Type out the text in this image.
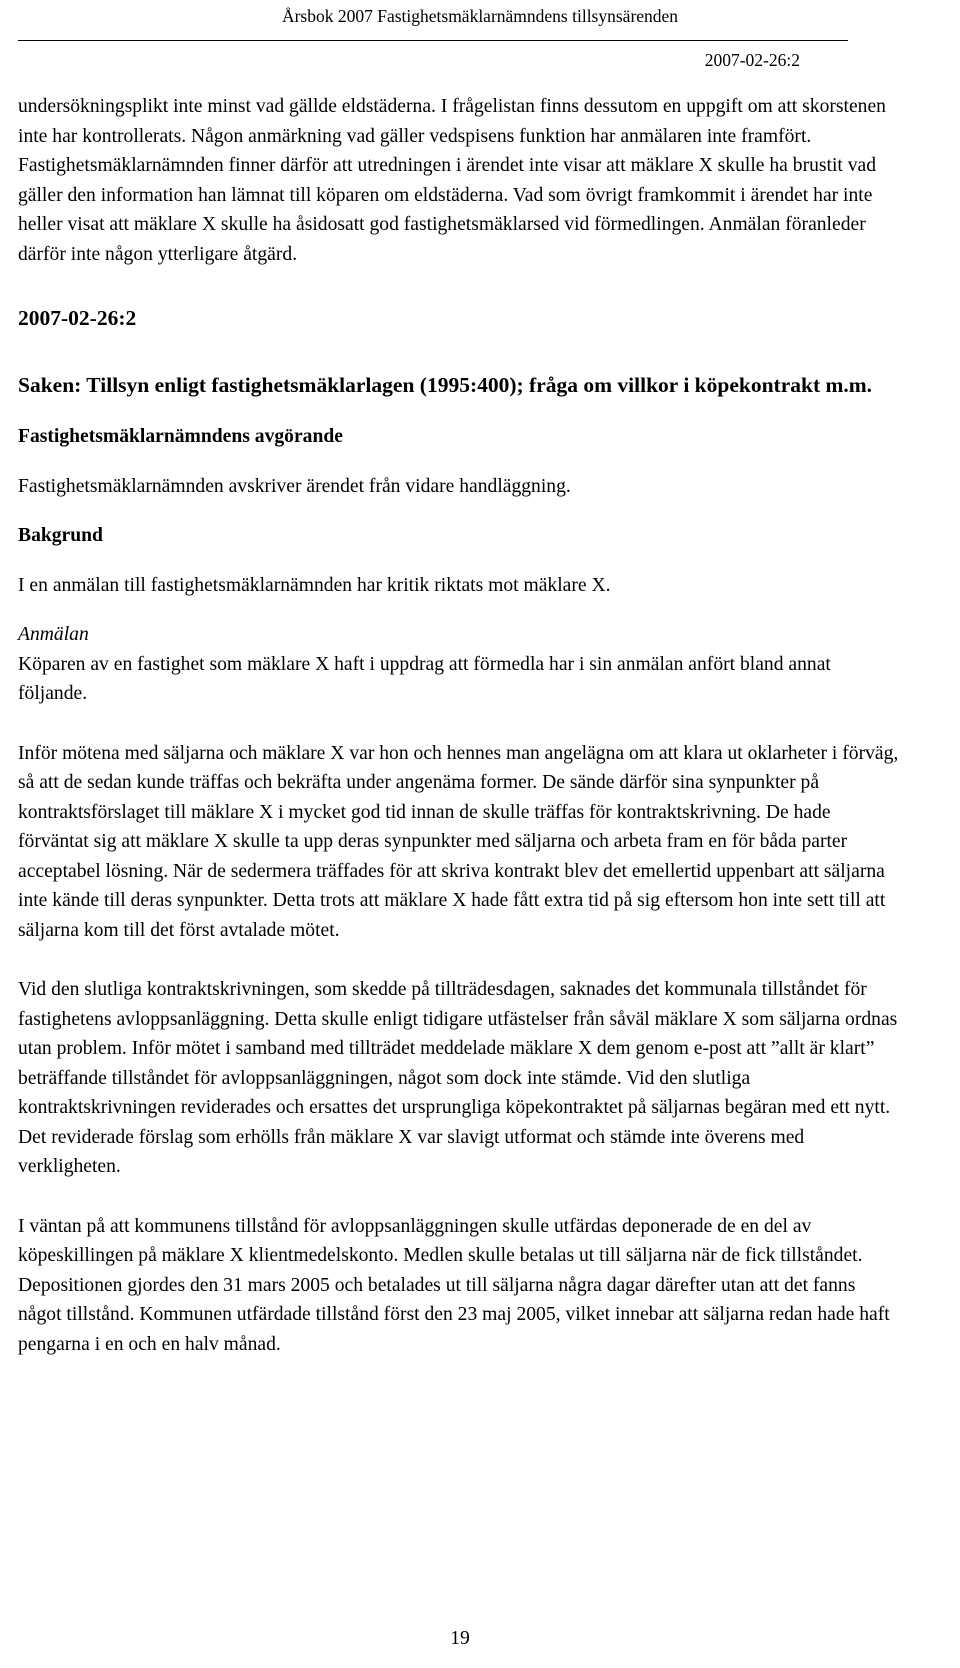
Årsbok 2007 Fastighetsmäklarnämndens tillsynsärenden
2007-02-26:2

undersökningsplikt inte minst vad gällde eldstäderna. I frågelistan finns dessutom en uppgift om att skorstenen inte har kontrollerats. Någon anmärkning vad gäller vedspisens funktion har anmälaren inte framfört. Fastighetsmäklarnämnden finner därför att utredningen i ärendet inte visar att mäklare X skulle ha brustit vad gäller den information han lämnat till köparen om eldstäderna. Vad som övrigt framkommit i ärendet har inte heller visat att mäklare X skulle ha åsidosatt god fastighetsmäklarsed vid förmedlingen. Anmälan föranleder därför inte någon ytterligare åtgärd.

2007-02-26:2

Saken: Tillsyn enligt fastighetsmäklarlagen (1995:400); fråga om villkor i köpekontrakt m.m.

Fastighetsmäklarnämndens avgörande

Fastighetsmäklarnämnden avskriver ärendet från vidare handläggning.

Bakgrund

I en anmälan till fastighetsmäklarnämnden har kritik riktats mot mäklare X.

Anmälan

Köparen av en fastighet som mäklare X haft i uppdrag att förmedla har i sin anmälan anfört bland annat följande.

Inför mötena med säljarna och mäklare X var hon och hennes man angelägna om att klara ut oklarheter i förväg, så att de sedan kunde träffas och bekräfta under angenäma former. De sände därför sina synpunkter på kontraktsförslaget till mäklare X i mycket god tid innan de skulle träffas för kontraktskrivning. De hade förväntat sig att mäklare X skulle ta upp deras synpunkter med säljarna och arbeta fram en för båda parter acceptabel lösning. När de sedermera träffades för att skriva kontrakt blev det emellertid uppenbart att säljarna inte kände till deras synpunkter. Detta trots att mäklare X hade fått extra tid på sig eftersom hon inte sett till att säljarna kom till det först avtalade mötet.

Vid den slutliga kontraktskrivningen, som skedde på tillträdesdagen, saknades det kommunala tillståndet för fastighetens avloppsanläggning. Detta skulle enligt tidigare utfästelser från såväl mäklare X som säljarna ordnas utan problem. Inför mötet i samband med tillträdet meddelade mäklare X dem genom e-post att ”allt är klart” beträffande tillståndet för avloppsanläggningen, något som dock inte stämde. Vid den slutliga kontraktskrivningen reviderades och ersattes det ursprungliga köpekontraktet på säljarnas begäran med ett nytt. Det reviderade förslag som erhölls från mäklare X var slavigt utformat och stämde inte överens med verkligheten.

I väntan på att kommunens tillstånd för avloppsanläggningen skulle utfärdas deponerade de en del av köpeskillingen på mäklare X klientmedelskonto. Medlen skulle betalas ut till säljarna när de fick tillståndet. Depositionen gjordes den 31 mars 2005 och betalades ut till säljarna några dagar därefter utan att det fanns något tillstånd. Kommunen utfärdade tillstånd först den 23 maj 2005, vilket innebar att säljarna redan hade haft pengarna i en och en halv månad.

19
